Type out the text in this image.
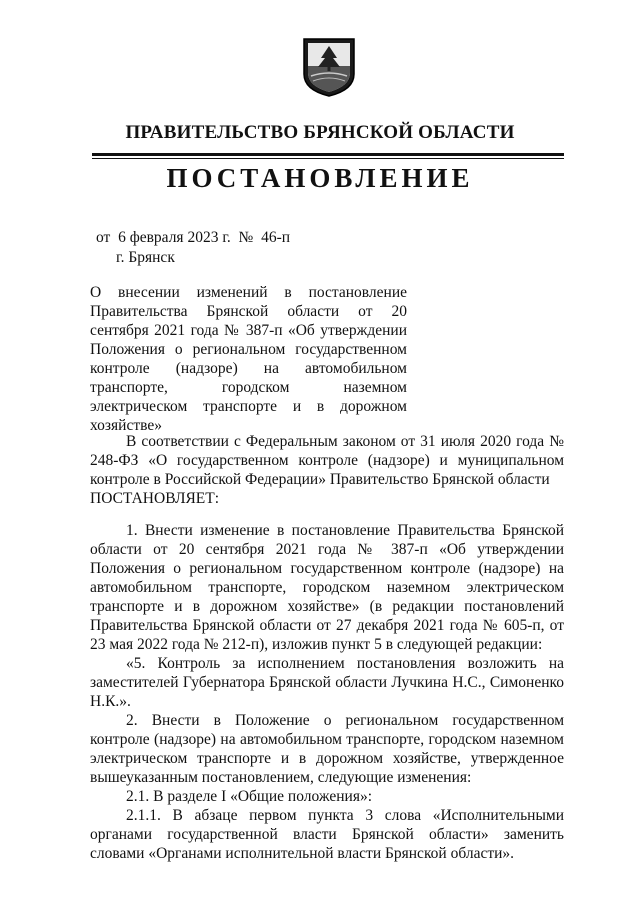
ПРАВИТЕЛЬСТВО БРЯНСКОЙ ОБЛАСТИ
ПОСТАНОВЛЕНИЕ
от  6 февраля 2023 г.  №  46-п
г. Брянск
О внесении изменений в постановление Правительства Брянской области от 20 сентября 2021 года № 387-п «Об утверждении Положения о региональном государственном контроле (надзоре) на автомобильном транспорте, городском наземном электрическом транспорте и в дорожном хозяйстве»

В соответствии с Федеральным законом от 31 июля 2020 года № 248-ФЗ «О государственном контроле (надзоре) и муниципальном контроле в Российской Федерации» Правительство Брянской области

ПОСТАНОВЛЯЕТ:

1. Внести изменение в постановление Правительства Брянской области от 20 сентября 2021 года № 387-п «Об утверждении Положения о региональном государственном контроле (надзоре) на автомобильном транспорте, городском наземном электрическом транспорте и в дорожном хозяйстве» (в редакции постановлений Правительства Брянской области от 27 декабря 2021 года № 605-п, от 23 мая 2022 года № 212-п), изложив пункт 5 в следующей редакции:

«5. Контроль за исполнением постановления возложить на заместителей Губернатора Брянской области Лучкина Н.С., Симоненко Н.К.».

2. Внести в Положение о региональном государственном контроле (надзоре) на автомобильном транспорте, городском наземном электрическом транспорте и в дорожном хозяйстве, утвержденное вышеуказанным постановлением, следующие изменения:

2.1. В разделе I «Общие положения»:

2.1.1. В абзаце первом пункта 3 слова «Исполнительными органами государственной власти Брянской области» заменить словами «Органами исполнительной власти Брянской области».
